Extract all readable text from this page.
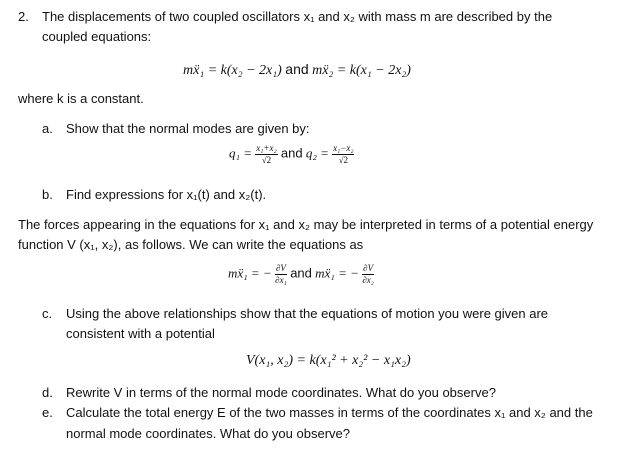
2. The displacements of two coupled oscillators x₁ and x₂ with mass m are described by the
coupled equations:
mẍ₁ = k(x₂ − 2x₁) and mẍ₂ = k(x₁ − 2x₂)
where k is a constant.
a. Show that the normal modes are given by:
$q_1 = \frac{\text{x₁+x₂}}{√2}$ and $q_2 = \frac{\text{x₁−x₂}}{√2}$
b. Find expressions for x₁(t) and x₂(t).
The forces appearing in the equations for x₁ and x₂ may be interpreted in terms of a potential energy
function V (x₁, x₂), as follows. We can write the equations as
mẍ₁ = − $\frac{\partial V}{\text{∂x₁}}$ and mẍ₁ = − $\frac{\partial V}{\text{∂x₂}}$
c. Using the above relationships show that the equations of motion you were given are
consistent with a potential
V(x₁, x₂) = k(x₁² + x₂² − x₁x₂)
d. Rewrite V in terms of the normal mode coordinates. What do you observe?
e. Calculate the total energy E of the two masses in terms of the coordinates x₁ and x₂ and the
normal mode coordinates. What do you observe?
